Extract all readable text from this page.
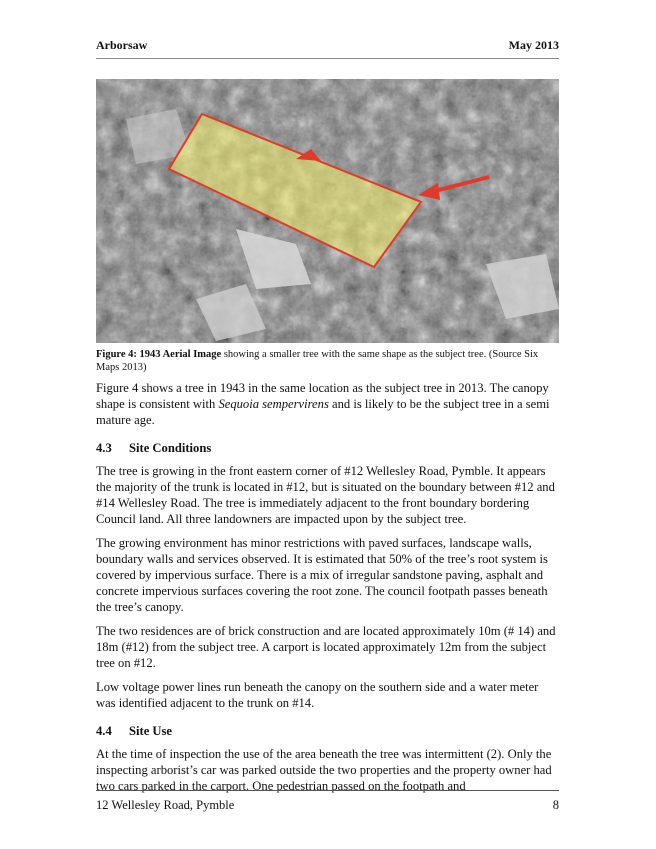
Arborsaw	May 2013
Figure 4: 1943 Aerial Image showing a smaller tree with the same shape as the subject tree. (Source Six Maps 2013)

Figure 4 shows a tree in 1943 in the same location as the subject tree in 2013. The canopy shape is consistent with Sequoia sempervirens and is likely to be the subject tree in a semi mature age.

4.3 Site Conditions

The tree is growing in the front eastern corner of #12 Wellesley Road, Pymble. It appears the majority of the trunk is located in #12, but is situated on the boundary between #12 and #14 Wellesley Road. The tree is immediately adjacent to the front boundary bordering Council land. All three landowners are impacted upon by the subject tree.

The growing environment has minor restrictions with paved surfaces, landscape walls, boundary walls and services observed. It is estimated that 50% of the tree’s root system is covered by impervious surface. There is a mix of irregular sandstone paving, asphalt and concrete impervious surfaces covering the root zone. The council footpath passes beneath the tree’s canopy.

The two residences are of brick construction and are located approximately 10m (# 14) and 18m (#12) from the subject tree. A carport is located approximately 12m from the subject tree on #12.

Low voltage power lines run beneath the canopy on the southern side and a water meter was identified adjacent to the trunk on #14.

4.4 Site Use

At the time of inspection the use of the area beneath the tree was intermittent (2). Only the inspecting arborist’s car was parked outside the two properties and the property owner had two cars parked in the carport. One pedestrian passed on the footpath and

12 Wellesley Road, Pymble	8
